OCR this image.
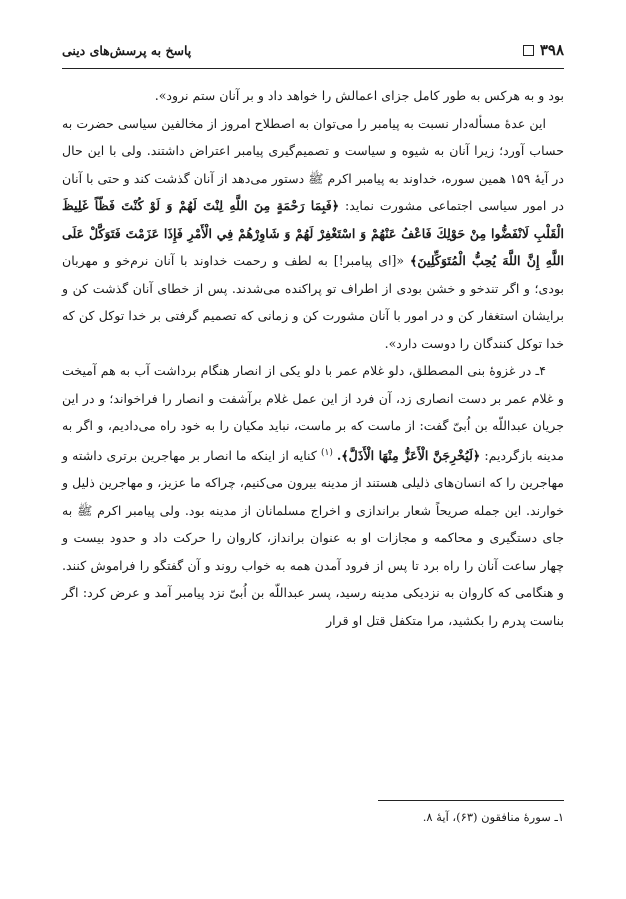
۳۹۸
پاسخ به پرسش‌های دینی

بود و به هرکس به طور کامل جزای اعمالش را خواهد داد و بر آنان ستم نرود».

این عدهٔ مسأله‌دار نسبت به پیامبر را می‌توان به اصطلاح امروز از مخالفین سیاسی حضرت به حساب آورد؛ زیرا آنان به شیوه و سیاست و تصمیم‌گیری پیامبر اعتراض داشتند. ولی با این حال در آیهٔ ۱۵۹ همین سوره، خداوند به پیامبر اکرم ﷺ دستور می‌دهد از آنان گذشت کند و حتی با آنان در امور سیاسی اجتماعی مشورت نماید: ﴿فَبِمَا رَحْمَةٍ مِنَ اللَّهِ لِنْتَ لَهُمْ وَ لَوْ كُنْتَ فَظّاً غَلِيظَ الْقَلْبِ لَانْفَضُّوا مِنْ حَوْلِكَ فَاعْفُ عَنْهُمْ وَ اسْتَغْفِرْ لَهُمْ وَ شَاوِرْهُمْ فِي الْأَمْرِ فَإِذَا عَزَمْتَ فَتَوَكَّلْ عَلَى اللَّهِ إِنَّ اللَّهَ يُحِبُّ الْمُتَوَكِّلِينَ﴾ «[ای پیامبر!] به لطف و رحمت خداوند با آنان نرم‌خو و مهربان بودی؛ و اگر تندخو و خشن بودی از اطراف تو پراکنده می‌شدند. پس از خطای آنان گذشت کن و برایشان استغفار کن و در امور با آنان مشورت کن و زمانی که تصمیم گرفتی بر خدا توکل کن که خدا توکل کنندگان را دوست دارد».

۴ـ در غزوهٔ بنی المصطلق، دلو غلام عمر با دلو یکی از انصار هنگام برداشت آب به هم آمیخت و غلام عمر بر دست انصاری زد، آن فرد از این عمل غلام برآشفت و انصار را فراخواند؛ و در این جریان عبداللّه بن اُبیّ گفت: از ماست که بر ماست، نباید مکیان را به خود راه می‌دادیم، و اگر به مدینه بازگردیم: ﴿لَيُخْرِجَنَّ الْأَعَزُّ مِنْهَا الْأَذَلَّ﴾. $^{(۱)}$ کنایه از اینکه ما انصار بر مهاجرین برتری داشته و مهاجرین را که انسان‌های ذلیلی هستند از مدینه بیرون می‌کنیم، چراکه ما عزیز، و مهاجرین ذلیل و خوارند. این جمله صریحاً شعار براندازی و اخراج مسلمانان از مدینه بود. ولی پیامبر اکرم ﷺ به جای دستگیری و محاکمه و مجازات او به عنوان برانداز، کاروان را حرکت داد و حدود بیست و چهار ساعت آنان را راه برد تا پس از فرود آمدن همه به خواب روند و آن گفتگو را فراموش کنند. و هنگامی که کاروان به نزدیکی مدینه رسید، پسر عبداللّه بن اُبیّ نزد پیامبر آمد و عرض کرد: اگر بناست پدرم را بکشید، مرا متکفل قتل او قرار

۱ـ سورهٔ منافقون (۶۳)، آیهٔ ۸.
